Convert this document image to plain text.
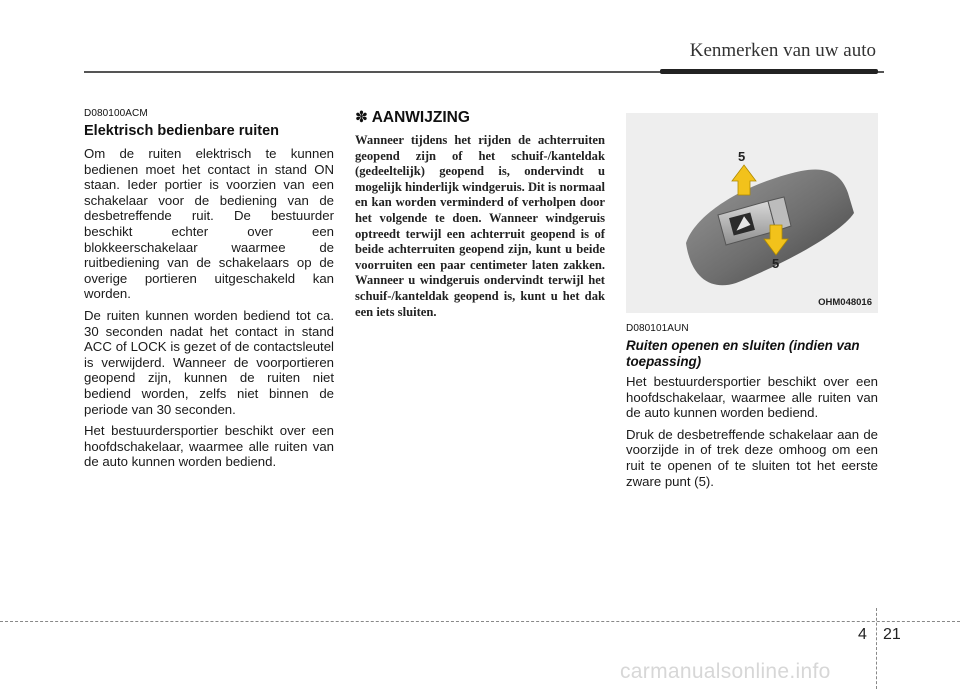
Kenmerken van uw auto
D080100ACM
Elektrisch bedienbare ruiten

Om de ruiten elektrisch te kunnen bedienen moet het contact in stand ON staan. Ieder portier is voorzien van een schakelaar voor de bediening van de desbetreffende ruit. De bestuurder beschikt echter over een blokkeerschakelaar waarmee de ruitbediening van de schakelaars op de overige portieren uitgeschakeld kan worden.

De ruiten kunnen worden bediend tot ca. 30 seconden nadat het contact in stand ACC of LOCK is gezet of de contactsleutel is verwijderd. Wanneer de voorportieren geopend zijn, kunnen de ruiten niet bediend worden, zelfs niet binnen de periode van 30 seconden.

Het bestuurdersportier beschikt over een hoofdschakelaar, waarmee alle ruiten van de auto kunnen worden bediend.

✽ AANWIJZING

Wanneer tijdens het rijden de achterruiten geopend zijn of het schuif-/kanteldak (gedeeltelijk) geopend is, ondervindt u mogelijk hinderlijk windgeruis. Dit is normaal en kan worden verminderd of verholpen door het volgende te doen. Wanneer windgeruis optreedt terwijl een achterruit geopend is of beide achterruiten geopend zijn, kunt u beide voorruiten een paar centimeter laten zakken. Wanneer u windgeruis ondervindt terwijl het schuif-/kanteldak geopend is, kunt u het dak een iets sluiten.

5
5
OHM048016
D080101AUN
Ruiten openen en sluiten (indien van toepassing)

Het bestuurdersportier beschikt over een hoofdschakelaar, waarmee alle ruiten van de auto kunnen worden bediend.

Druk de desbetreffende schakelaar aan de voorzijde in of trek deze omhoog om een ruit te openen of te sluiten tot het eerste zware punt (5).

4 21
carmanualsonline.info
